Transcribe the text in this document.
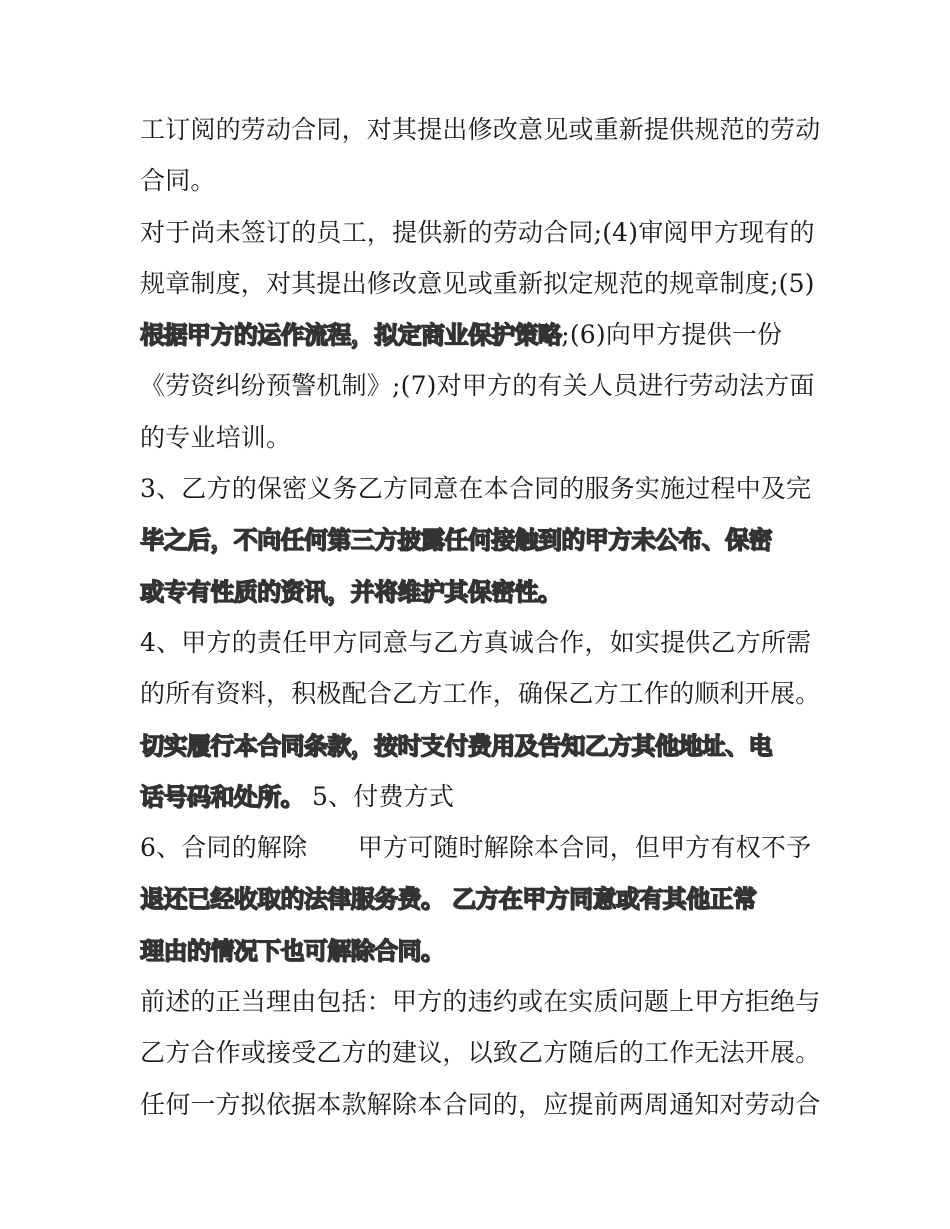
工订阅的劳动合同，对其提出修改意见或重新提供规范的劳动
合同。
对于尚未签订的员工，提供新的劳动合同;(4)审阅甲方现有的
规章制度，对其提出修改意见或重新拟定规范的规章制度;(5)
根据甲方的运作流程，拟定商业保护策略;(6)向甲方提供一份
《劳资纠纷预警机制》;(7)对甲方的有关人员进行劳动法方面
的专业培训。
3、乙方的保密义务乙方同意在本合同的服务实施过程中及完
毕之后，不向任何第三方披露任何接触到的甲方未公布、保密
或专有性质的资讯，并将维护其保密性。
4、甲方的责任甲方同意与乙方真诚合作，如实提供乙方所需
的所有资料，积极配合乙方工作，确保乙方工作的顺利开展。
切实履行本合同条款，按时支付费用及告知乙方其他地址、电
话号码和处所。 5、付费方式
6、合同的解除　　甲方可随时解除本合同，但甲方有权不予
退还已经收取的法律服务费。 乙方在甲方同意或有其他正常
理由的情况下也可解除合同。
前述的正当理由包括：甲方的违约或在实质问题上甲方拒绝与
乙方合作或接受乙方的建议，以致乙方随后的工作无法开展。
任何一方拟依据本款解除本合同的，应提前两周通知对劳动合
